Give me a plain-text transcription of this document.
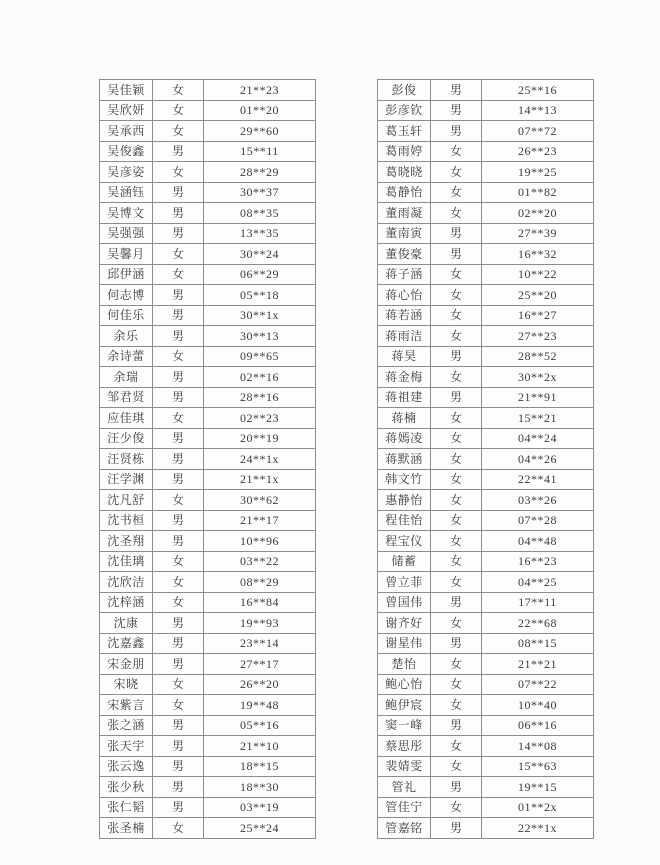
吴佳颖	女	21**23
吴欣妍	女	01**20
吴承西	女	29**60
吴俊鑫	男	15**11
吴彦姿	女	28**29
吴涵钰	男	30**37
吴博文	男	08**35
吴强强	男	13**35
吴馨月	女	30**24
邱伊涵	女	06**29
何志博	男	05**18
何佳乐	男	30**1x
余乐	男	30**13
余诗蕾	女	09**65
余瑞	男	02**16
邹君贤	男	28**16
应佳琪	女	02**23
汪少俊	男	20**19
汪贤栋	男	24**1x
汪学渊	男	21**1x
沈凡舒	女	30**62
沈书桓	男	21**17
沈圣翔	男	10**96
沈佳璃	女	03**22
沈欣洁	女	08**29
沈梓涵	女	16**84
沈康	男	19**93
沈嘉鑫	男	23**14
宋金朋	男	27**17
宋晓	女	26**20
宋紫言	女	19**48
张之涵	男	05**16
张天宇	男	21**10
张云逸	男	18**15
张少秋	男	18**30
张仁韬	男	03**19
张圣楠	女	25**24
彭俊	男	25**16
彭彦钦	男	14**13
葛玉轩	男	07**72
葛雨婷	女	26**23
葛晓晓	女	19**25
葛静怡	女	01**82
董雨凝	女	02**20
董南寅	男	27**39
董俊豪	男	16**32
蒋子涵	女	10**22
蒋心怡	女	25**20
蒋若涵	女	16**27
蒋雨洁	女	27**23
蒋昊	男	28**52
蒋金梅	女	30**2x
蒋祖建	男	21**91
蒋楠	女	15**21
蒋嫣凌	女	04**24
蒋默涵	女	04**26
韩文竹	女	22**41
惠静怡	女	03**26
程佳怡	女	07**28
程宝仪	女	04**48
储蓄	女	16**23
曾立菲	女	04**25
曾国伟	男	17**11
谢齐好	女	22**68
谢星伟	男	08**15
楚怡	女	21**21
鲍心怡	女	07**22
鲍伊宸	女	10**40
窦一峰	男	06**16
蔡思彤	女	14**08
裴婧雯	女	15**63
管礼	男	19**15
管佳宁	女	01**2x
管嘉铭	男	22**1x
